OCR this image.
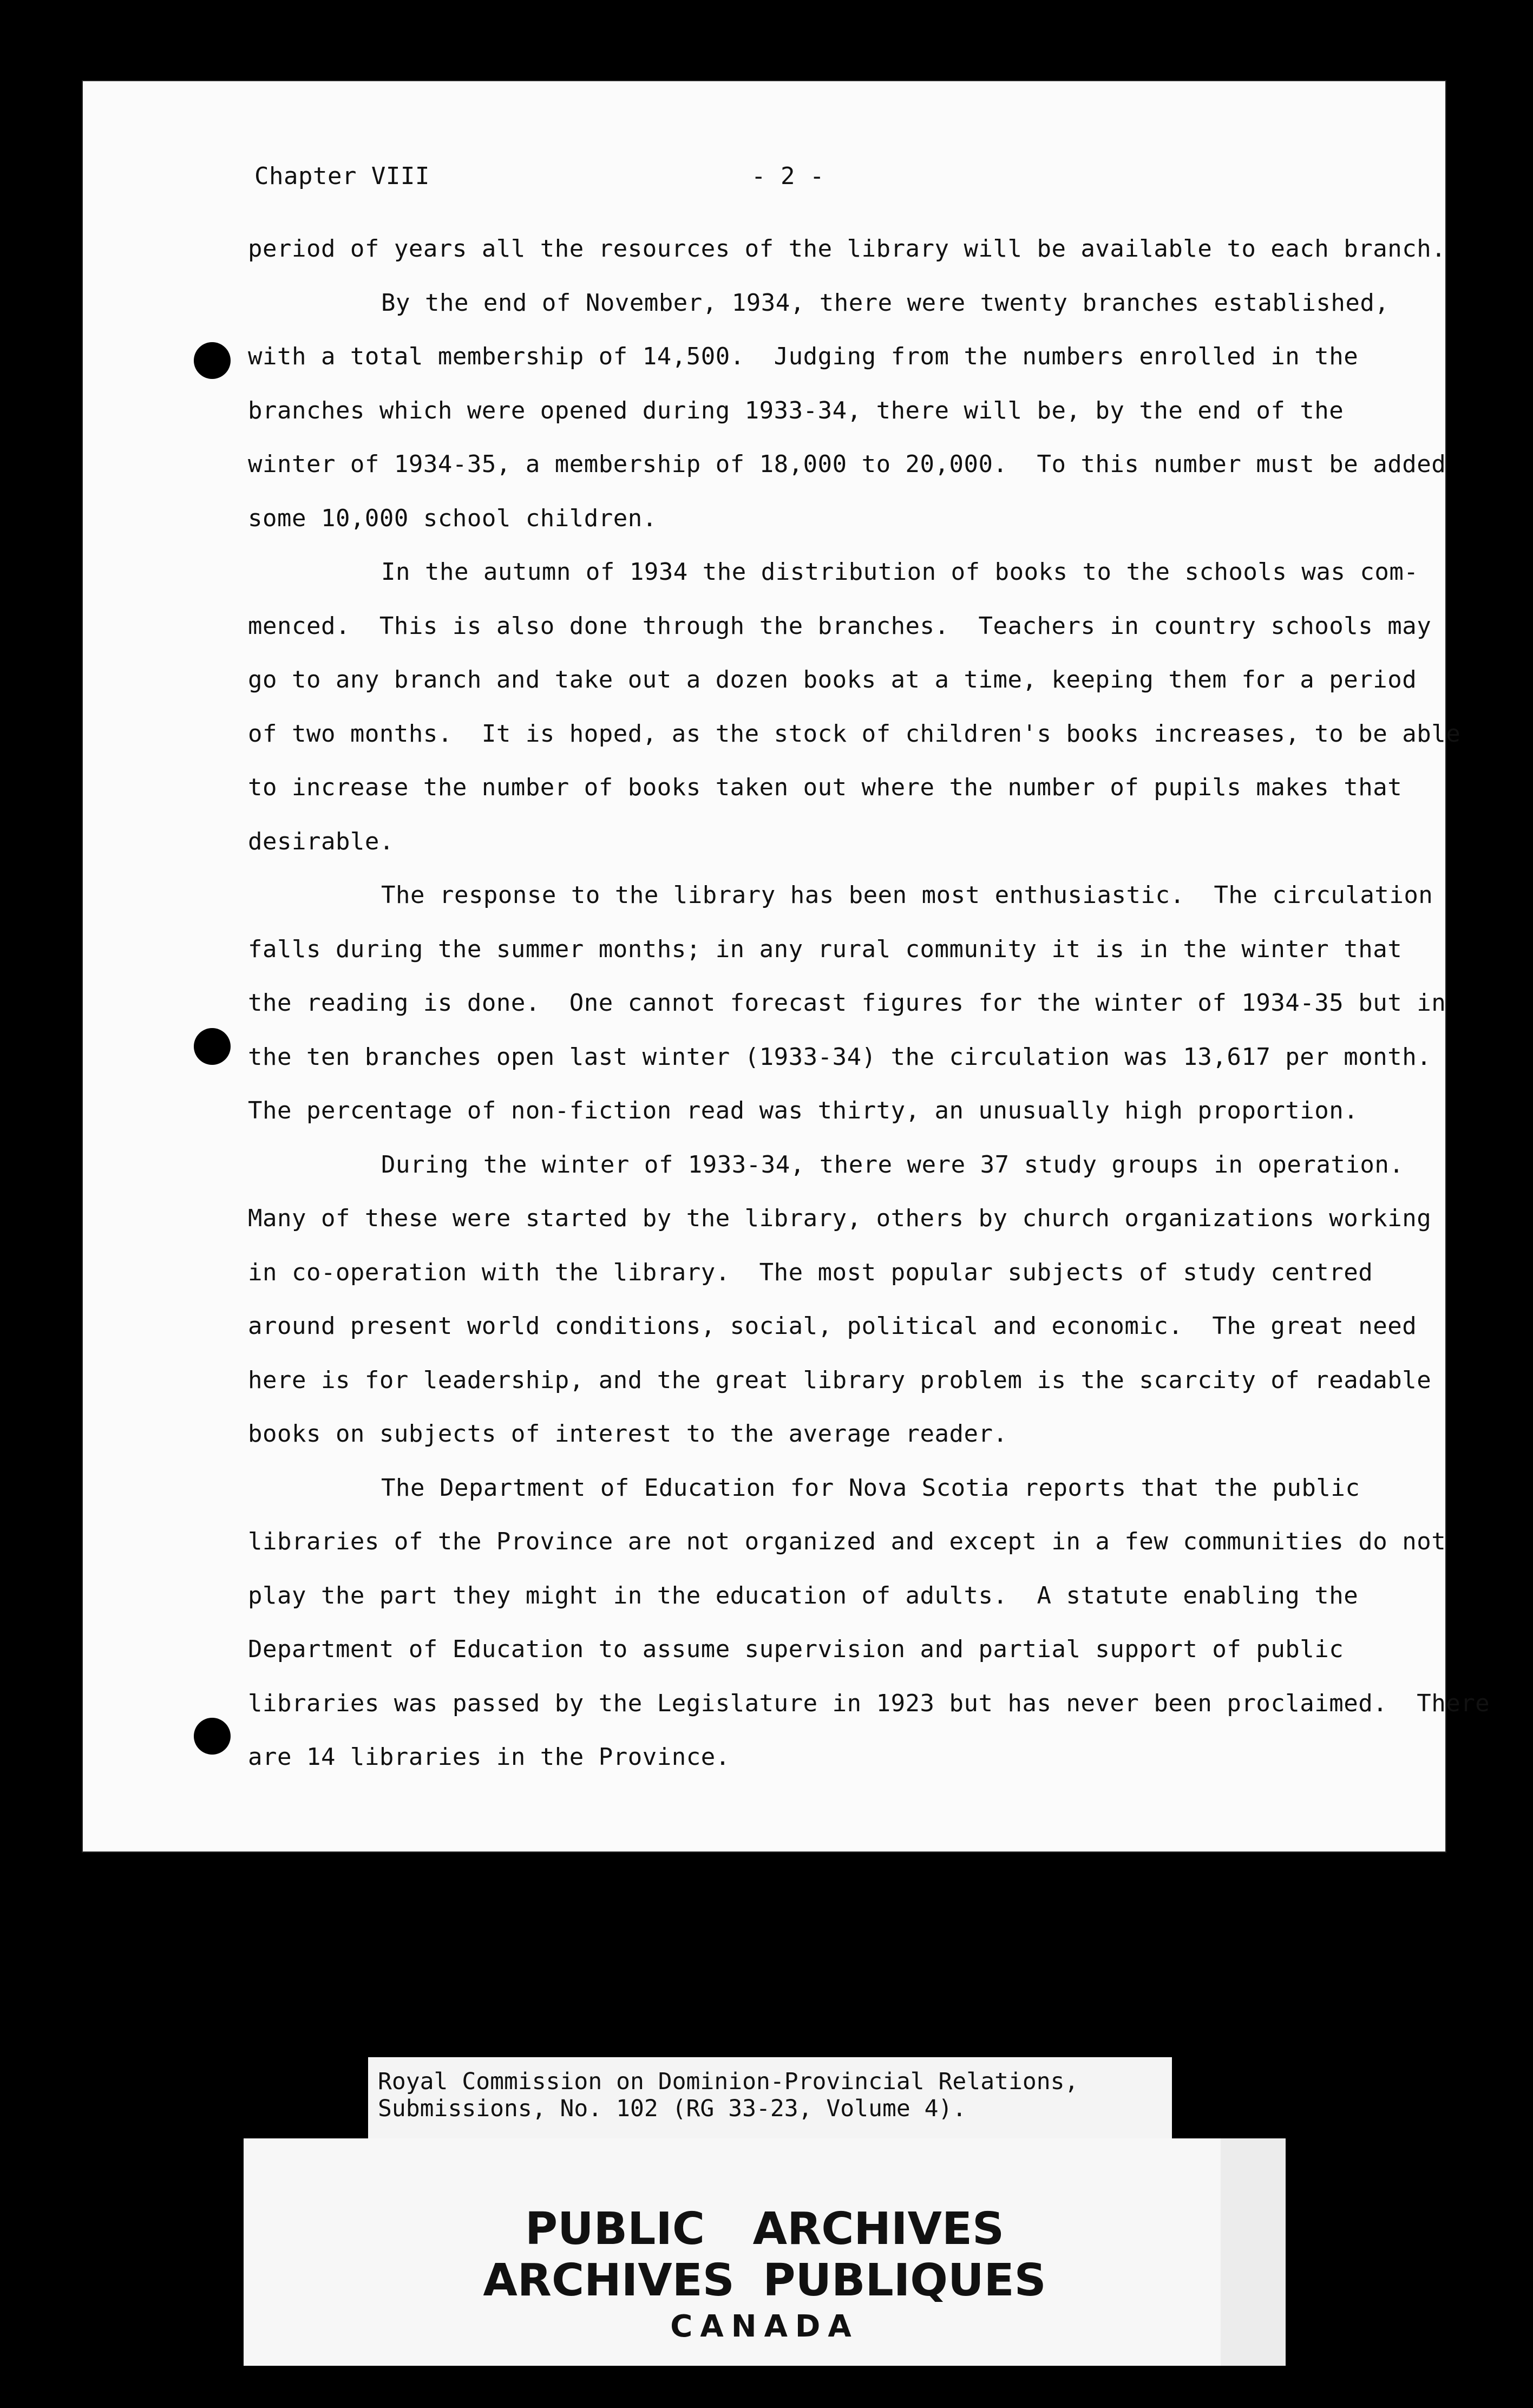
Chapter VIII	- 2 -
period of years all the resources of the library will be available to each branch.
By the end of November, 1934, there were twenty branches established,
with a total membership of 14,500.  Judging from the numbers enrolled in the
branches which were opened during 1933-34, there will be, by the end of the
winter of 1934-35, a membership of 18,000 to 20,000.  To this number must be added
some 10,000 school children.
In the autumn of 1934 the distribution of books to the schools was com-
menced.  This is also done through the branches.  Teachers in country schools may
go to any branch and take out a dozen books at a time, keeping them for a period
of two months.  It is hoped, as the stock of children's books increases, to be able
to increase the number of books taken out where the number of pupils makes that
desirable.
The response to the library has been most enthusiastic.  The circulation
falls during the summer months; in any rural community it is in the winter that
the reading is done.  One cannot forecast figures for the winter of 1934-35 but in
the ten branches open last winter (1933-34) the circulation was 13,617 per month.
The percentage of non-fiction read was thirty, an unusually high proportion.
During the winter of 1933-34, there were 37 study groups in operation.
Many of these were started by the library, others by church organizations working
in co-operation with the library.  The most popular subjects of study centred
around present world conditions, social, political and economic.  The great need
here is for leadership, and the great library problem is the scarcity of readable
books on subjects of interest to the average reader.
The Department of Education for Nova Scotia reports that the public
libraries of the Province are not organized and except in a few communities do not
play the part they might in the education of adults.  A statute enabling the
Department of Education to assume supervision and partial support of public
libraries was passed by the Legislature in 1923 but has never been proclaimed.  There
are 14 libraries in the Province.
Royal Commission on Dominion-Provincial Relations,
Submissions, No. 102 (RG 33-23, Volume 4).
PUBLIC ARCHIVES
ARCHIVES PUBLIQUES
CANADA
